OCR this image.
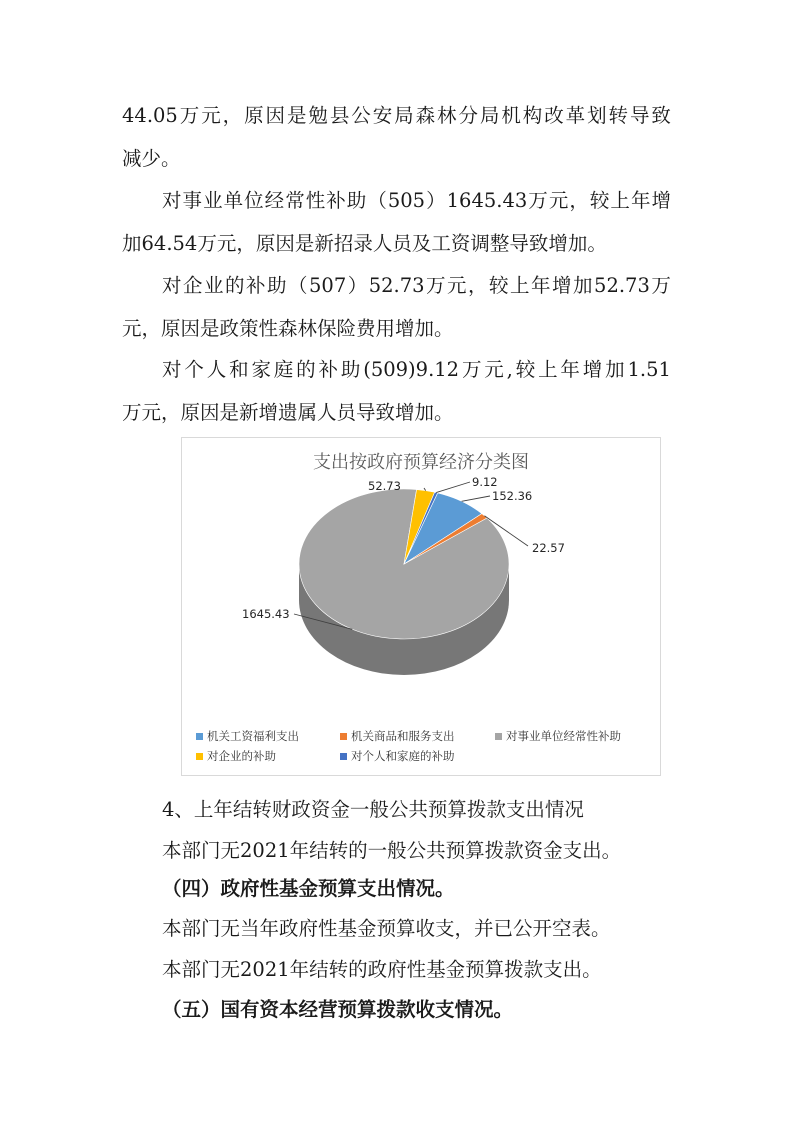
44.05 万 元 ， 原 因 是 勉 县 公 安 局 森 林 分 局 机 构 改 革 划 转 导 致
减少。
对 事 业 单 位 经 常 性 补 助 （ 505 ） 1645.43 万 元 ， 较 上 年 增
加64.54万元，原因是新招录人员及工资调整导致增加。
对 企 业 的 补 助 （ 507 ） 52.73 万 元 ， 较 上 年 增 加 52.73 万
元，原因是政策性森林保险费用增加。
对 个 人 和 家 庭 的 补 助 (509)9.12 万 元 , 较 上 年 增 加 1.51
万元，原因是新增遗属人员导致增加。
支出按政府预算经济分类图
152.36
22.57
1645.43
52.73	9.12
机关工资福利支出	机关商品和服务支出	对事业单位经常性补助
对企业的补助	对个人和家庭的补助
4、上年结转财政资金一般公共预算拨款支出情况
本部门无2021年结转的一般公共预算拨款资金支出。
（四）政府性基金预算支出情况。
本部门无当年政府性基金预算收支，并已公开空表。
本部门无2021年结转的政府性基金预算拨款支出。
（五）国有资本经营预算拨款收支情况。
